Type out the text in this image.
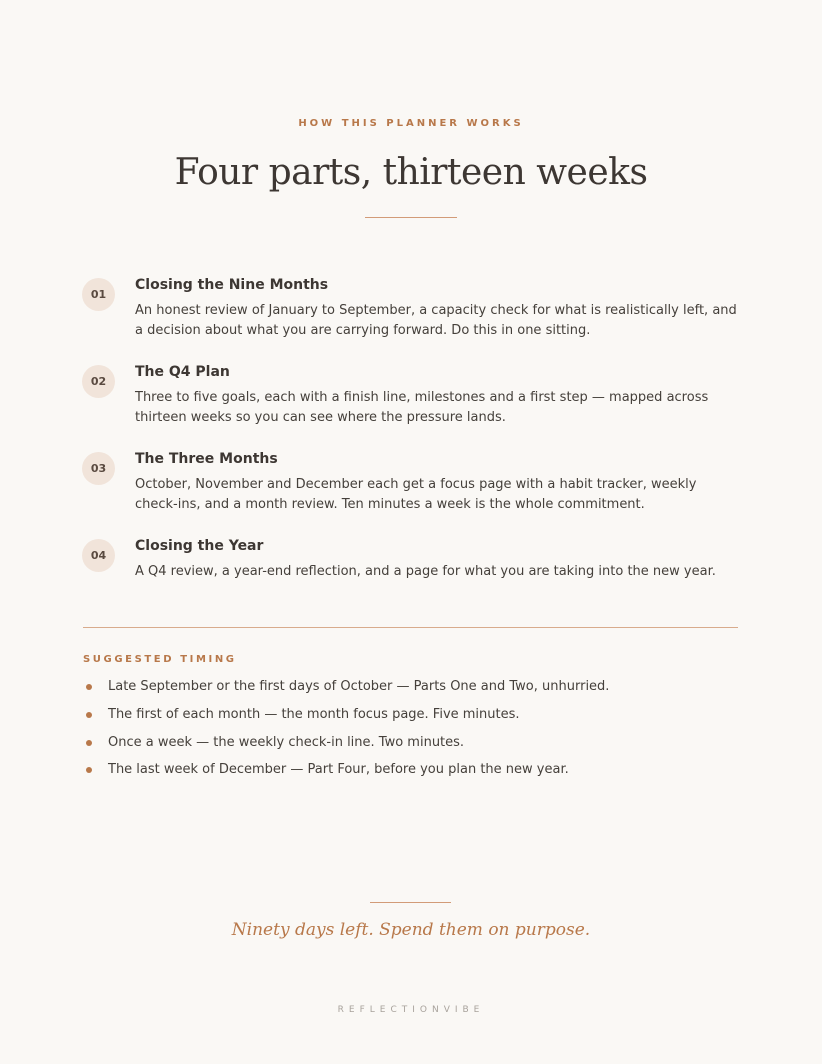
HOW THIS PLANNER WORKS
Four parts, thirteen weeks
01
Closing the Nine Months
An honest review of January to September, a capacity check for what is realistically left, and a decision about what you are carrying forward. Do this in one sitting.
02
The Q4 Plan
Three to five goals, each with a finish line, milestones and a first step — mapped across thirteen weeks so you can see where the pressure lands.
03
The Three Months
October, November and December each get a focus page with a habit tracker, weekly check-ins, and a month review. Ten minutes a week is the whole commitment.
04
Closing the Year
A Q4 review, a year-end reflection, and a page for what you are taking into the new year.
SUGGESTED TIMING
Late September or the first days of October — Parts One and Two, unhurried.
The first of each month — the month focus page. Five minutes.
Once a week — the weekly check-in line. Two minutes.
The last week of December — Part Four, before you plan the new year.
Ninety days left. Spend them on purpose.
REFLECTIONVIBE
